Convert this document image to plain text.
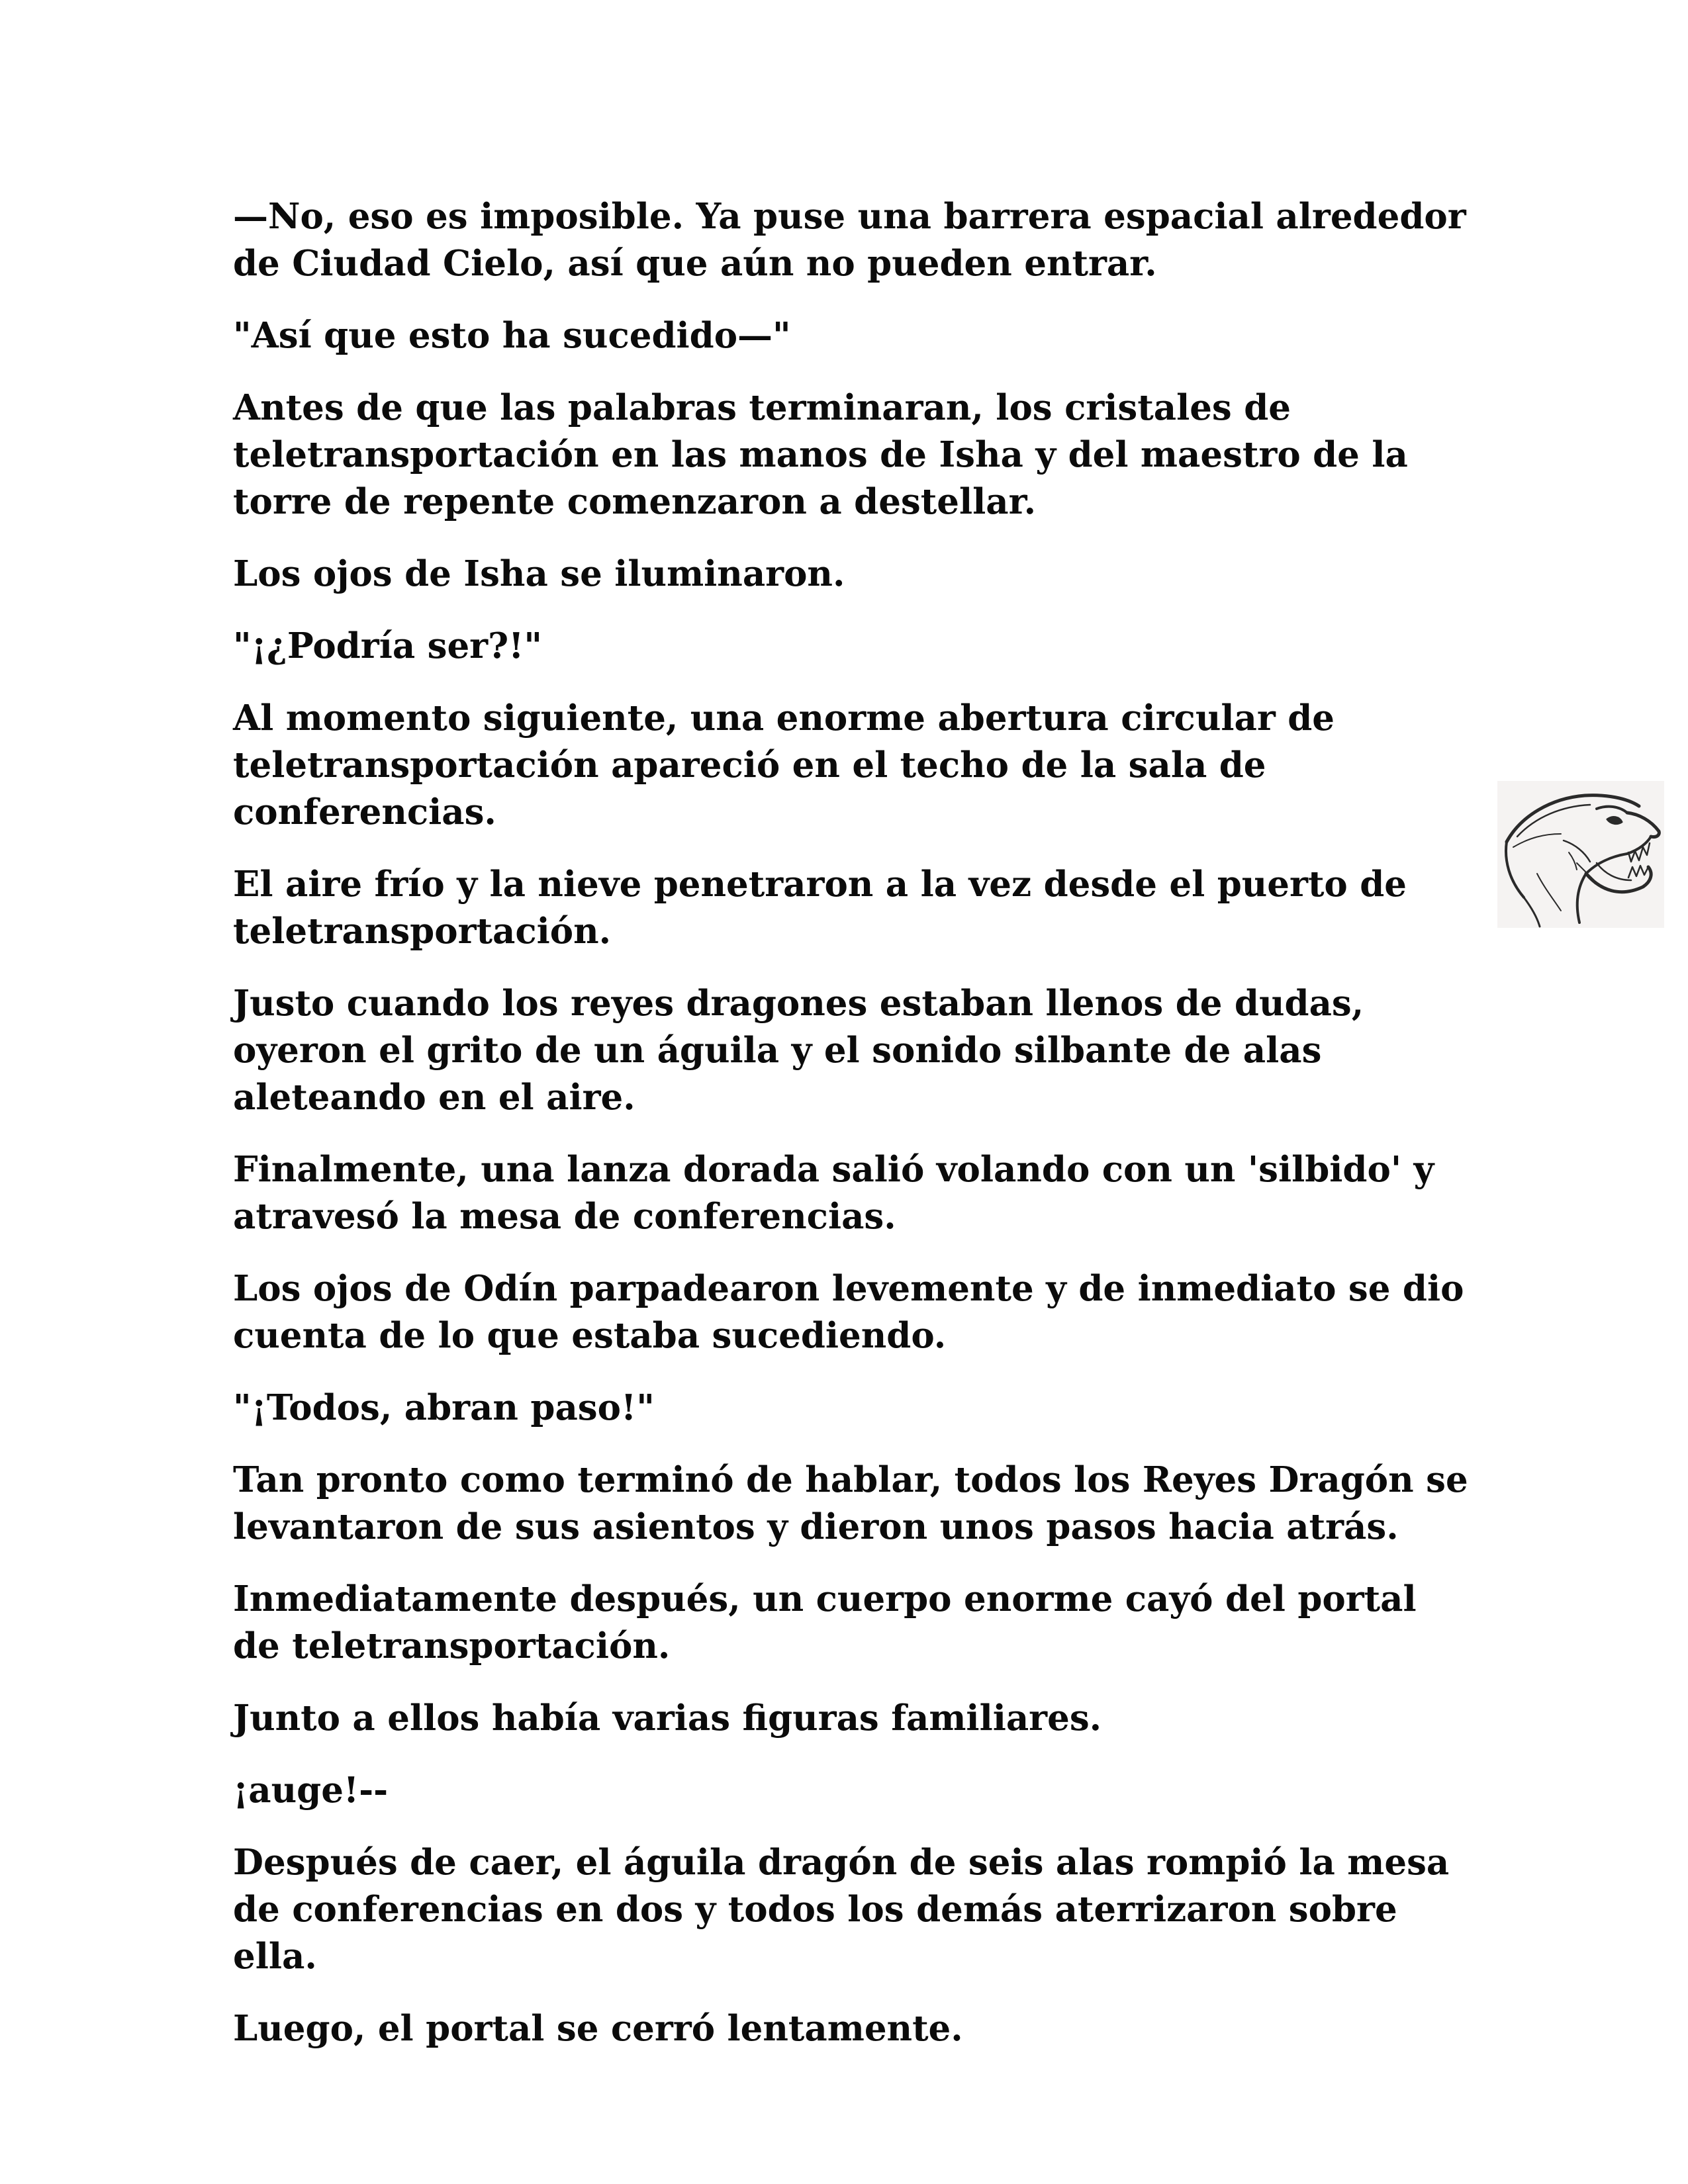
—No, eso es imposible. Ya puse una barrera espacial alrededor
de Ciudad Cielo, así que aún no pueden entrar.

"Así que esto ha sucedido—"

Antes de que las palabras terminaran, los cristales de
teletransportación en las manos de Isha y del maestro de la
torre de repente comenzaron a destellar.

Los ojos de Isha se iluminaron.

"¡¿Podría ser?!"

Al momento siguiente, una enorme abertura circular de
teletransportación apareció en el techo de la sala de
conferencias.

El aire frío y la nieve penetraron a la vez desde el puerto de
teletransportación.

Justo cuando los reyes dragones estaban llenos de dudas,
oyeron el grito de un águila y el sonido silbante de alas
aleteando en el aire.

Finalmente, una lanza dorada salió volando con un 'silbido' y
atravesó la mesa de conferencias.

Los ojos de Odín parpadearon levemente y de inmediato se dio
cuenta de lo que estaba sucediendo.

"¡Todos, abran paso!"

Tan pronto como terminó de hablar, todos los Reyes Dragón se
levantaron de sus asientos y dieron unos pasos hacia atrás.

Inmediatamente después, un cuerpo enorme cayó del portal
de teletransportación.

Junto a ellos había varias figuras familiares.

¡auge!--

Después de caer, el águila dragón de seis alas rompió la mesa
de conferencias en dos y todos los demás aterrizaron sobre
ella.

Luego, el portal se cerró lentamente.
